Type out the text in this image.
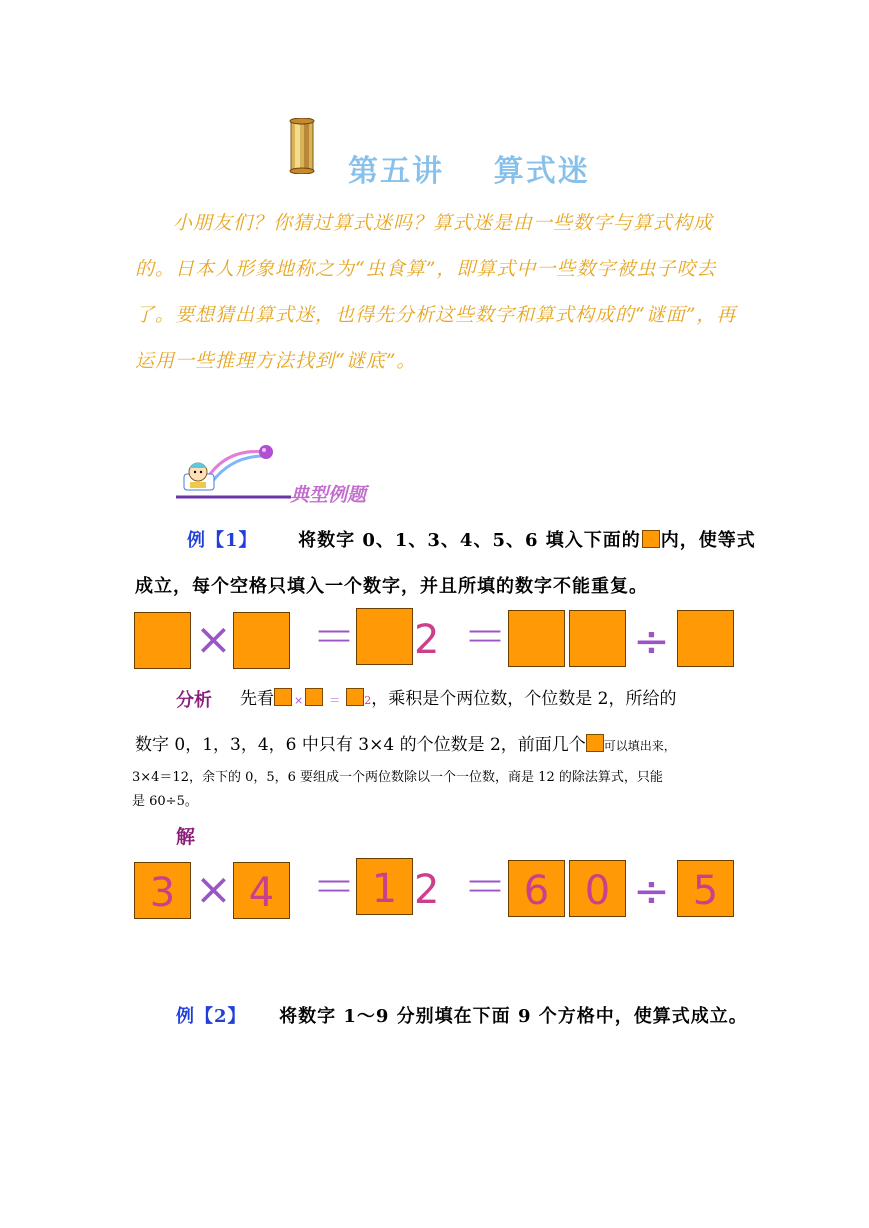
第五讲    算式迷
小朋友们？你猜过算式迷吗？算式迷是由一些数字与算式构成的。日本人形象地称之为“虫食算”，即算式中一些数字被虫子咬去了。要想猜出算式迷，也得先分析这些数字和算式构成的“谜面”，再运用一些推理方法找到“谜底”。
典型例题
例【1】 将数字 0、1、3、4、5、6 填入下面的 内，使等式
成立，每个空格只填入一个数字，并且所填的数字不能重复。
× ＝ 2 ＝	÷
分析 先看 × ＝ 2，乘积是个两位数，个位数是 2，所给的
数字 0，1，3，4，6 中只有 3×4 的个位数是 2，前面几个 可以填出来，
3×4＝12，余下的 0，5，6 要组成一个两位数除以一个一位数，商是 12 的除法算式，只能
是 60÷5。
解
3 × 4 ＝ 1 2 ＝ 6 0 ÷ 5
例【2】 将数字 1～9 分别填在下面 9 个方格中，使算式成立。
